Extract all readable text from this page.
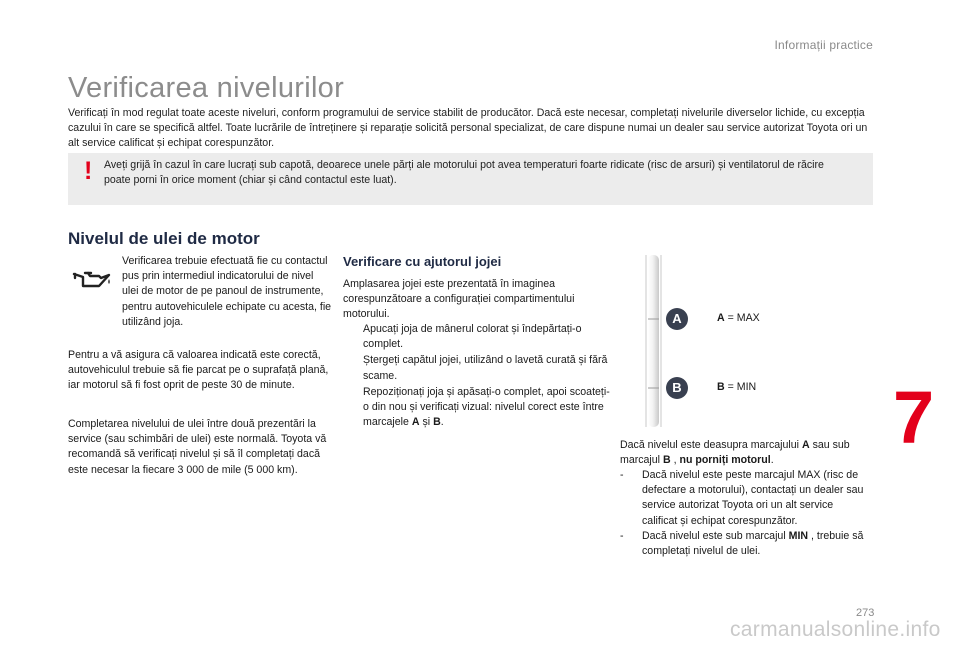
Informații practice
Verificarea nivelurilor
Verificați în mod regulat toate aceste niveluri, conform programului de service stabilit de producător. Dacă este necesar, completați nivelurile diverselor lichide, cu excepția cazului în care se specifică altfel. Toate lucrările de întreținere și reparație solicită personal specializat, de care dispune numai un dealer sau service autorizat Toyota ori un alt service calificat și echipat corespunzător.
! Aveți grijă în cazul în care lucrați sub capotă, deoarece unele părți ale motorului pot avea temperaturi foarte ridicate (risc de arsuri) și ventilatorul de răcire poate porni în orice moment (chiar și când contactul este luat).
Nivelul de ulei de motor
Verificarea trebuie efectuată fie cu contactul pus prin intermediul indicatorului de nivel ulei de motor de pe panoul de instrumente, pentru autovehiculele echipate cu acesta, fie utilizând joja.
Pentru a vă asigura că valoarea indicată este corectă, autovehiculul trebuie să fie parcat pe o suprafață plană, iar motorul să fi fost oprit de peste 30 de minute.
Completarea nivelului de ulei între două prezentări la service (sau schimbări de ulei) este normală. Toyota vă recomandă să verificați nivelul și să îl completați dacă este necesar la fiecare 3 000 de mile (5 000 km).
Verificare cu ajutorul jojei
Amplasarea jojei este prezentată în imaginea corespunzătoare a configurației compartimentului motorului.
Apucați joja de mânerul colorat și îndepărtați-o complet.
Ștergeți capătul jojei, utilizând o lavetă curată și fără scame.
Repoziționați joja și apăsați-o complet, apoi scoateți-o din nou și verificați vizual: nivelul corect este între marcajele A și B.
A	A = MAX
B	B = MIN
Dacă nivelul este deasupra marcajului A sau sub marcajul B , nu porniți motorul.
- Dacă nivelul este peste marcajul MAX (risc de defectare a motorului), contactați un dealer sau service autorizat Toyota ori un alt service calificat și echipat corespunzător.
- Dacă nivelul este sub marcajul MIN , trebuie să completați nivelul de ulei.
7
273
carmanualsonline.info
